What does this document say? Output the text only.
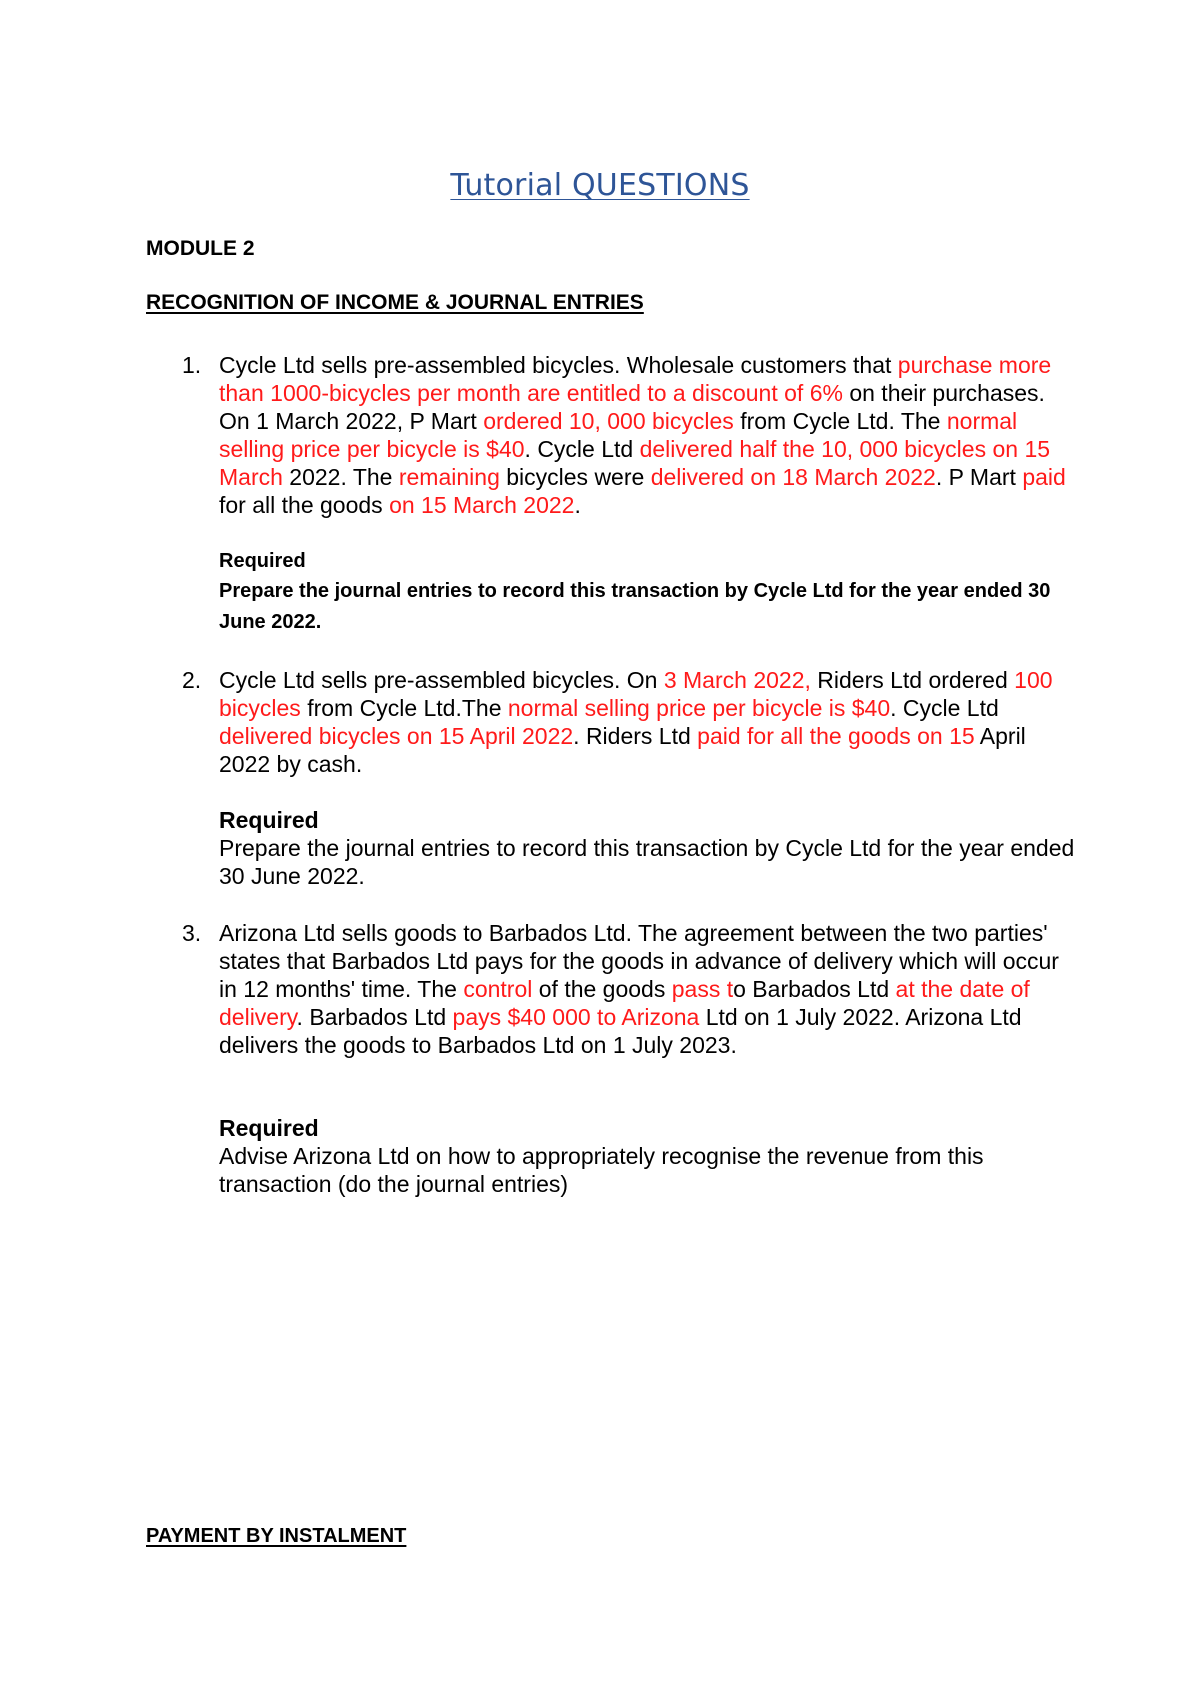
Tutorial QUESTIONS
MODULE 2
RECOGNITION OF INCOME & JOURNAL ENTRIES
1. Cycle Ltd sells pre-assembled bicycles. Wholesale customers that purchase more than 1000-bicycles per month are entitled to a discount of 6% on their purchases. On 1 March 2022, P Mart ordered 10, 000 bicycles from Cycle Ltd. The normal selling price per bicycle is $40. Cycle Ltd delivered half the 10, 000 bicycles on 15 March 2022. The remaining bicycles were delivered on 18 March 2022. P Mart paid for all the goods on 15 March 2022.
Required
Prepare the journal entries to record this transaction by Cycle Ltd for the year ended 30 June 2022.
2. Cycle Ltd sells pre-assembled bicycles. On 3 March 2022, Riders Ltd ordered 100 bicycles from Cycle Ltd.The normal selling price per bicycle is $40. Cycle Ltd delivered bicycles on 15 April 2022. Riders Ltd paid for all the goods on 15 April 2022 by cash.
Required
Prepare the journal entries to record this transaction by Cycle Ltd for the year ended 30 June 2022.
3. Arizona Ltd sells goods to Barbados Ltd. The agreement between the two parties' states that Barbados Ltd pays for the goods in advance of delivery which will occur in 12 months' time. The control of the goods pass to Barbados Ltd at the date of delivery. Barbados Ltd pays $40 000 to Arizona Ltd on 1 July 2022. Arizona Ltd delivers the goods to Barbados Ltd on 1 July 2023.
Required
Advise Arizona Ltd on how to appropriately recognise the revenue from this transaction (do the journal entries)
PAYMENT BY INSTALMENT
